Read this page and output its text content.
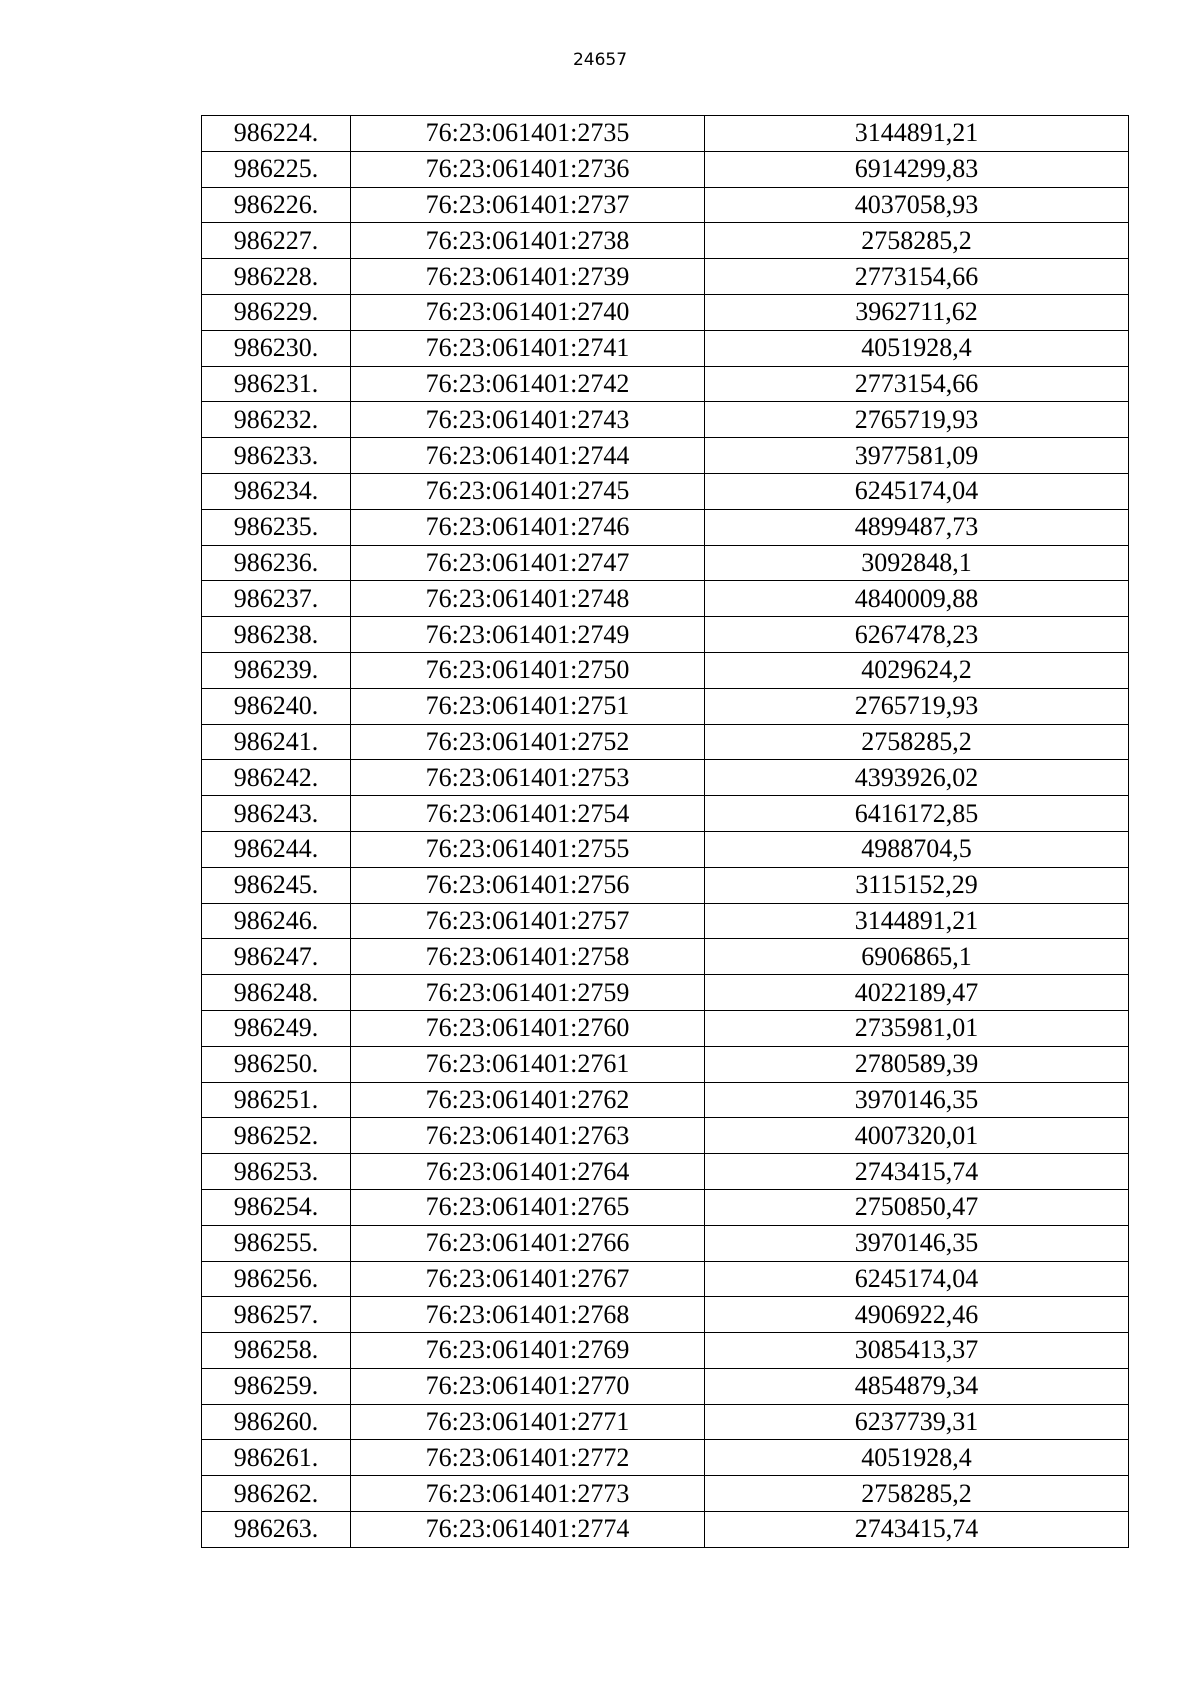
24657
986224.	76:23:061401:2735	3144891,21
986225.	76:23:061401:2736	6914299,83
986226.	76:23:061401:2737	4037058,93
986227.	76:23:061401:2738	2758285,2
986228.	76:23:061401:2739	2773154,66
986229.	76:23:061401:2740	3962711,62
986230.	76:23:061401:2741	4051928,4
986231.	76:23:061401:2742	2773154,66
986232.	76:23:061401:2743	2765719,93
986233.	76:23:061401:2744	3977581,09
986234.	76:23:061401:2745	6245174,04
986235.	76:23:061401:2746	4899487,73
986236.	76:23:061401:2747	3092848,1
986237.	76:23:061401:2748	4840009,88
986238.	76:23:061401:2749	6267478,23
986239.	76:23:061401:2750	4029624,2
986240.	76:23:061401:2751	2765719,93
986241.	76:23:061401:2752	2758285,2
986242.	76:23:061401:2753	4393926,02
986243.	76:23:061401:2754	6416172,85
986244.	76:23:061401:2755	4988704,5
986245.	76:23:061401:2756	3115152,29
986246.	76:23:061401:2757	3144891,21
986247.	76:23:061401:2758	6906865,1
986248.	76:23:061401:2759	4022189,47
986249.	76:23:061401:2760	2735981,01
986250.	76:23:061401:2761	2780589,39
986251.	76:23:061401:2762	3970146,35
986252.	76:23:061401:2763	4007320,01
986253.	76:23:061401:2764	2743415,74
986254.	76:23:061401:2765	2750850,47
986255.	76:23:061401:2766	3970146,35
986256.	76:23:061401:2767	6245174,04
986257.	76:23:061401:2768	4906922,46
986258.	76:23:061401:2769	3085413,37
986259.	76:23:061401:2770	4854879,34
986260.	76:23:061401:2771	6237739,31
986261.	76:23:061401:2772	4051928,4
986262.	76:23:061401:2773	2758285,2
986263.	76:23:061401:2774	2743415,74
